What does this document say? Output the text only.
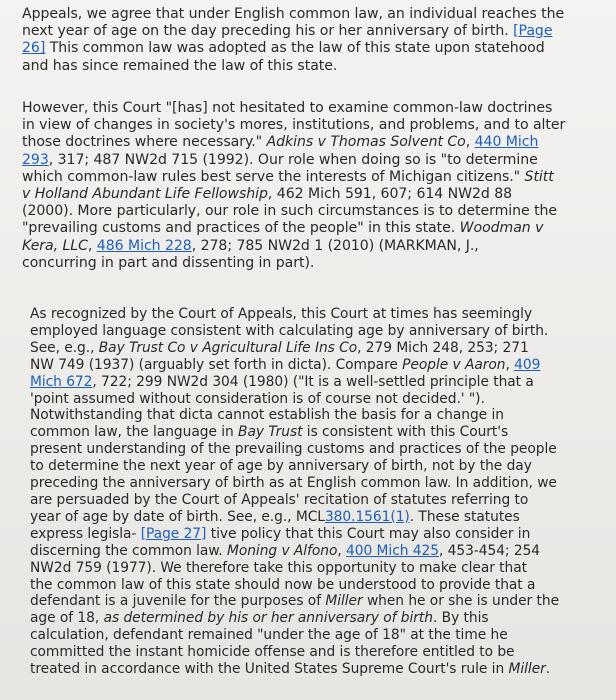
Appeals, we agree that under English common law, an individual reaches the
next year of age on the day preceding his or her anniversary of birth. [Page
26] This common law was adopted as the law of this state upon statehood
and has since remained the law of this state.
However, this Court "[has] not hesitated to examine common-law doctrines
in view of changes in society's mores, institutions, and problems, and to alter
those doctrines where necessary." Adkins v Thomas Solvent Co, 440 Mich
293, 317; 487 NW2d 715 (1992). Our role when doing so is "to determine
which common-law rules best serve the interests of Michigan citizens." Stitt
v Holland Abundant Life Fellowship, 462 Mich 591, 607; 614 NW2d 88
(2000). More particularly, our role in such circumstances is to determine the
"prevailing customs and practices of the people" in this state. Woodman v
Kera, LLC, 486 Mich 228, 278; 785 NW2d 1 (2010) (MARKMAN, J.,
concurring in part and dissenting in part).
As recognized by the Court of Appeals, this Court at times has seemingly
employed language consistent with calculating age by anniversary of birth.
See, e.g., Bay Trust Co v Agricultural Life Ins Co, 279 Mich 248, 253; 271
NW 749 (1937) (arguably set forth in dicta). Compare People v Aaron, 409
Mich 672, 722; 299 NW2d 304 (1980) ("It is a well-settled principle that a
'point assumed without consideration is of course not decided.' ").
Notwithstanding that dicta cannot establish the basis for a change in
common law, the language in Bay Trust is consistent with this Court's
present understanding of the prevailing customs and practices of the people
to determine the next year of age by anniversary of birth, not by the day
preceding the anniversary of birth as at English common law. In addition, we
are persuaded by the Court of Appeals' recitation of statutes referring to
year of age by date of birth. See, e.g., MCL380.1561(1). These statutes
express legisla- [Page 27] tive policy that this Court may also consider in
discerning the common law. Moning v Alfono, 400 Mich 425, 453-454; 254
NW2d 759 (1977). We therefore take this opportunity to make clear that
the common law of this state should now be understood to provide that a
defendant is a juvenile for the purposes of Miller when he or she is under the
age of 18, as determined by his or her anniversary of birth. By this
calculation, defendant remained "under the age of 18" at the time he
committed the instant homicide offense and is therefore entitled to be
treated in accordance with the United States Supreme Court's rule in Miller.
